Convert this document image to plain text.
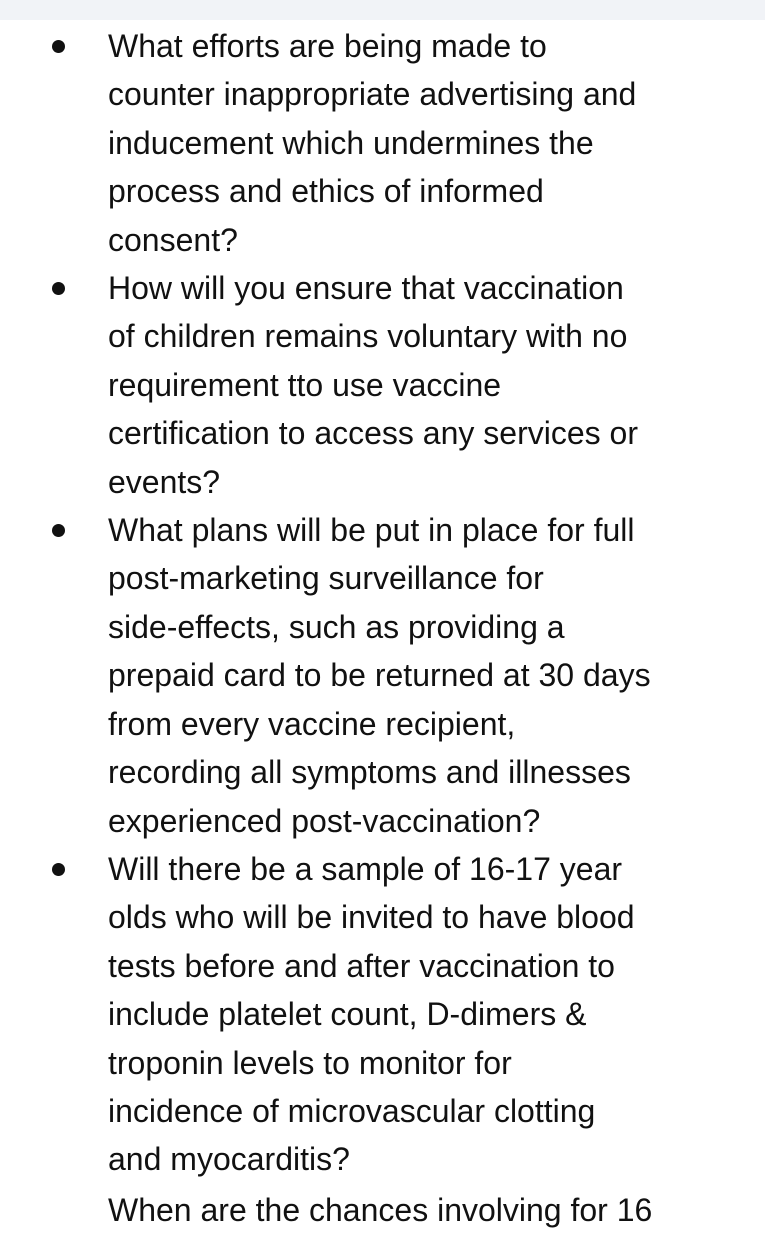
What efforts are being made to
counter inappropriate advertising and
inducement which undermines the
process and ethics of informed
consent?
How will you ensure that vaccination
of children remains voluntary with no
requirement tto use vaccine
certification to access any services or
events?
What plans will be put in place for full
post-marketing surveillance for
side-effects, such as providing a
prepaid card to be returned at 30 days
from every vaccine recipient,
recording all symptoms and illnesses
experienced post-vaccination?
Will there be a sample of 16-17 year
olds who will be invited to have blood
tests before and after vaccination to
include platelet count, D-dimers &
troponin levels to monitor for
incidence of microvascular clotting
and myocarditis?
When are the chances involving for 16
